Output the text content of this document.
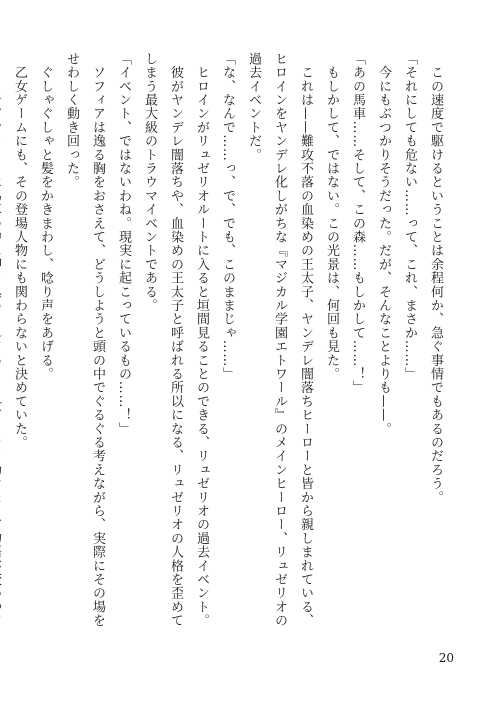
　この速度で駆けるということは余程何か、急ぐ事情でもあるのだろう。

「それにしても危ない……って、これ、まさか……」

　今にもぶつかりそうだった。だが、そんなことよりも——。

「あの馬車……そして、この森……もしかして……！」

　もしかして、ではない。この光景は、何回も見た。

　これは——難攻不落の血染めの王太子、ヤンデレ闇落ちヒーローと皆から親しまれている、ヒロインをヤンデレ化しがちな『マジカル学園エトワール』のメインヒーロー、リュゼリオの過去イベントだ。

「な、なんで……っ、で、でも、このままじゃ……」

　ヒロインがリュゼリオルートに入ると垣間見ることのできる、リュゼリオの過去イベント。

　彼がヤンデレ闇落ちや、血染めの王太子と呼ばれる所以になる、リュゼリオの人格を歪めてしまう最大級のトラウマイベントである。

「イベント、ではないわね。現実に起こっているもの……！」

　ソフィアは逸る胸をおさえて、どうしようと頭の中でぐるぐる考えながら、実際にその場をせわしく動き回った。

　ぐしゃぐしゃと髪をかきまわし、唸り声をあげる。

　乙女ゲームにも、その登場人物にも関わらないと決めていた。

20
